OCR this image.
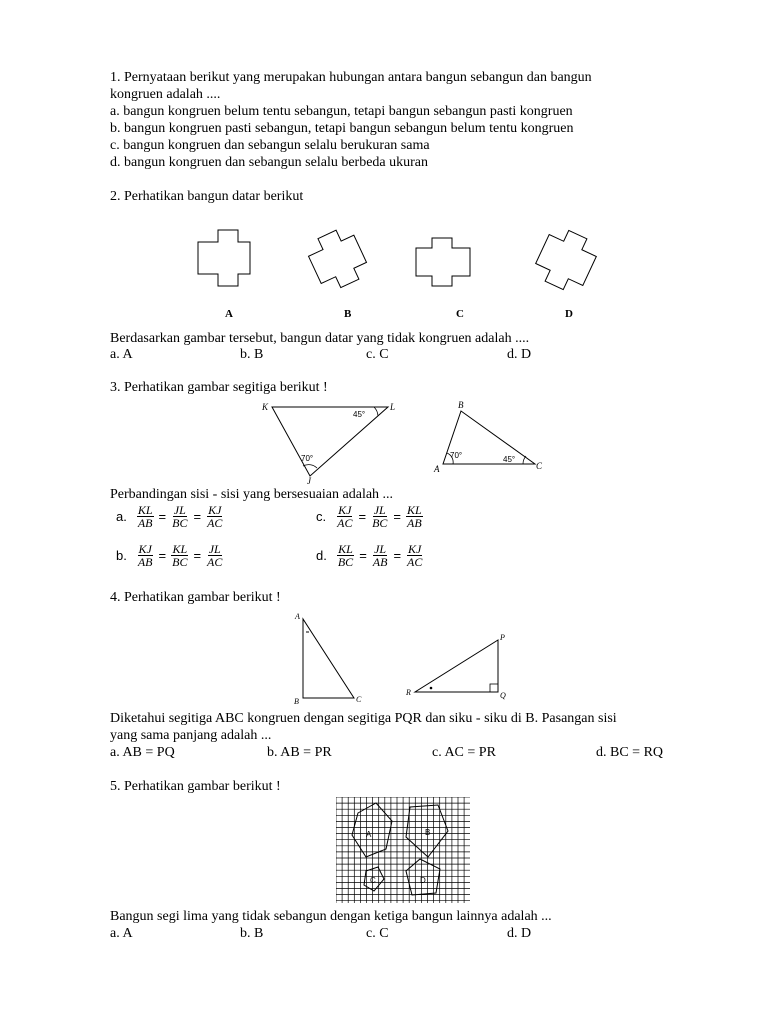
1. Pernyataan berikut yang merupakan hubungan antara bangun sebangun dan bangun
kongruen adalah ....
a. bangun kongruen belum tentu sebangun, tetapi bangun sebangun pasti kongruen
b. bangun kongruen pasti sebangun, tetapi bangun sebangun belum tentu kongruen
c. bangun kongruen dan sebangun selalu berukuran sama
d. bangun kongruen dan sebangun selalu berbeda ukuran
2. Perhatikan bangun datar berikut
A	B	C	D
Berdasarkan gambar tersebut, bangun datar yang tidak kongruen adalah ....
a. A	b. B	c. C	d. D
3. Perhatikan gambar segitiga berikut !
K	L
J
45°
70°
A
B
C
70°	45°
Perbandingan sisi - sisi yang bersesuaian adalah ...
a. $\frac{KL}{AB} = \frac{JL}{BC} = \frac{KJ}{AC}$	c. $\frac{KJ}{AC} = \frac{JL}{BC} = \frac{KL}{AB}$
b. $\frac{KJ}{AB} = \frac{KL}{BC} = \frac{JL}{AC}$	d. $\frac{KL}{BC} = \frac{JL}{AB} = \frac{KJ}{AC}$
4. Perhatikan gambar berikut !
A
B	C
P
Q
R
Diketahui segitiga ABC kongruen dengan segitiga PQR dan siku - siku di B. Pasangan sisi
yang sama panjang adalah ...
a. AB = PQ	b. AB = PR	c. AC = PR	d. BC = RQ
5. Perhatikan gambar berikut !
A	B
C	D
Bangun segi lima yang tidak sebangun dengan ketiga bangun lainnya adalah ...
a. A	b. B	c. C	d. D
